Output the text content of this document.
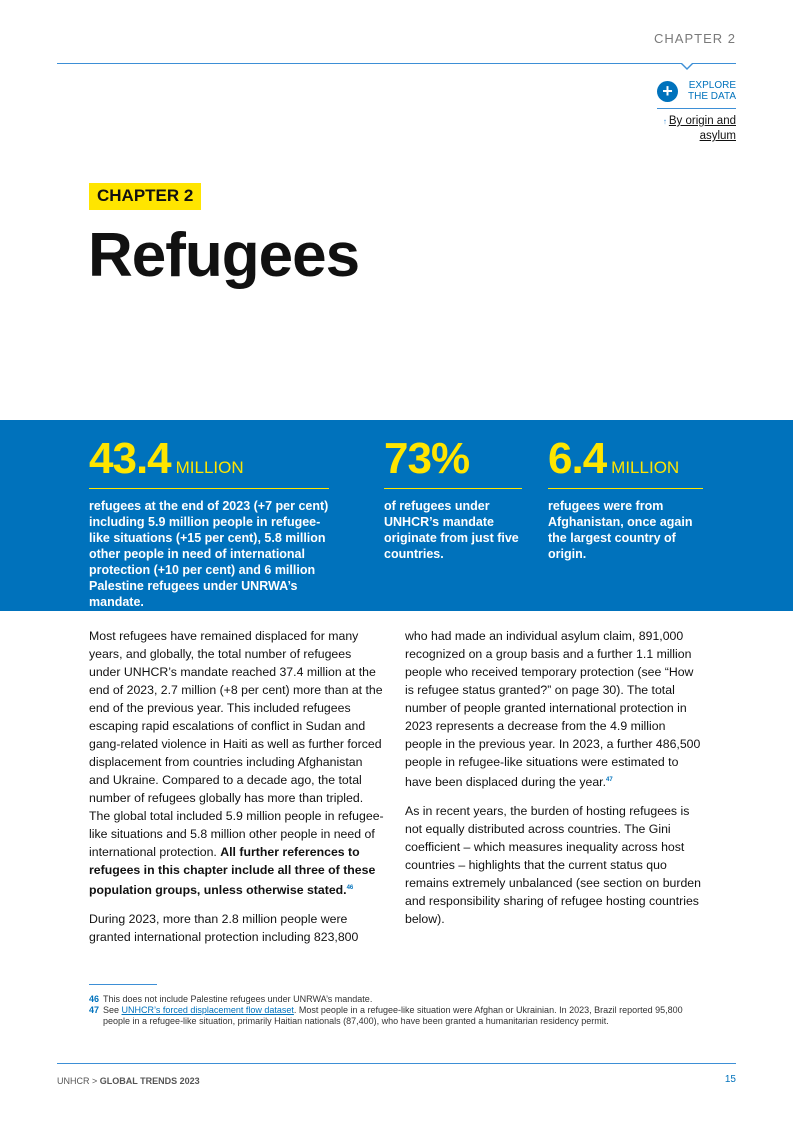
CHAPTER 2
+	EXPLORE
THE DATA
↑ By origin and asylum
CHAPTER 2
Refugees
43.4 MILLION
refugees at the end of 2023 (+7 per cent) including 5.9 million people in refugee-like situations (+15 per cent), 5.8 million other people in need of international protection (+10 per cent) and 6 million Palestine refugees under UNRWA’s mandate.
73%
of refugees under UNHCR’s mandate originate from just five countries.
6.4 MILLION
refugees were from Afghanistan, once again the largest country of origin.

Most refugees have remained displaced for many years, and globally, the total number of refugees under UNHCR’s mandate reached 37.4 million at the end of 2023, 2.7 million (+8 per cent) more than at the end of the previous year. This included refugees escaping rapid escalations of conflict in Sudan and gang-related violence in Haiti as well as further forced displacement from countries including Afghanistan and Ukraine. Compared to a decade ago, the total number of refugees globally has more than tripled. The global total included 5.9 million people in refugee-like situations and 5.8 million other people in need of international protection. All further references to refugees in this chapter include all three of these population groups, unless otherwise stated.$^{46}$

During 2023, more than 2.8 million people were granted international protection including 823,800

who had made an individual asylum claim, 891,000 recognized on a group basis and a further 1.1 million people who received temporary protection (see “How is refugee status granted?” on page 30). The total number of people granted international protection in 2023 represents a decrease from the 4.9 million people in the previous year. In 2023, a further 486,500 people in refugee-like situations were estimated to have been displaced during the year.$^{47}$

As in recent years, the burden of hosting refugees is not equally distributed across countries. The Gini coefficient – which measures inequality across host countries – highlights that the current status quo remains extremely unbalanced (see section on burden and responsibility sharing of refugee hosting countries below).

46 This does not include Palestine refugees under UNRWA’s mandate.
47 See UNHCR’s forced displacement flow dataset. Most people in a refugee-like situation were Afghan or Ukrainian. In 2023, Brazil reported 95,800 people in a refugee-like situation, primarily Haitian nationals (87,400), who have been granted a humanitarian residency permit.
UNHCR > GLOBAL TRENDS 2023	15
